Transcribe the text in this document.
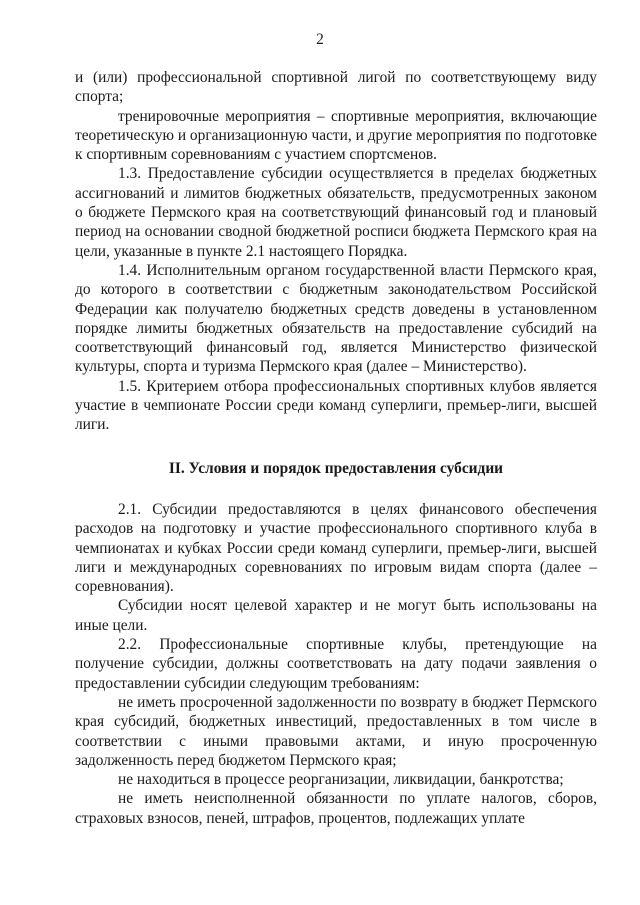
2

и (или) профессиональной спортивной лигой по соответствующему виду спорта;

тренировочные мероприятия – спортивные мероприятия, включающие теоретическую и организационную части, и другие мероприятия по подготовке к спортивным соревнованиям с участием спортсменов.

1.3. Предоставление субсидии осуществляется в пределах бюджетных ассигнований и лимитов бюджетных обязательств, предусмотренных законом о бюджете Пермского края на соответствующий финансовый год и плановый период на основании сводной бюджетной росписи бюджета Пермского края на цели, указанные в пункте 2.1 настоящего Порядка.

1.4. Исполнительным органом государственной власти Пермского края, до которого в соответствии с бюджетным законодательством Российской Федерации как получателю бюджетных средств доведены в установленном порядке лимиты бюджетных обязательств на предоставление субсидий на соответствующий финансовый год, является Министерство физической культуры, спорта и туризма Пермского края (далее – Министерство).

1.5. Критерием отбора профессиональных спортивных клубов является участие в чемпионате России среди команд суперлиги, премьер-лиги, высшей лиги.

II. Условия и порядок предоставления субсидии

2.1. Субсидии предоставляются в целях финансового обеспечения расходов на подготовку и участие профессионального спортивного клуба в чемпионатах и кубках России среди команд суперлиги, премьер-лиги, высшей лиги и международных соревнованиях по игровым видам спорта (далее – соревнования).

Субсидии носят целевой характер и не могут быть использованы на иные цели.

2.2. Профессиональные спортивные клубы, претендующие на получение субсидии, должны соответствовать на дату подачи заявления о предоставлении субсидии следующим требованиям:

не иметь просроченной задолженности по возврату в бюджет Пермского края субсидий, бюджетных инвестиций, предоставленных в том числе в соответствии с иными правовыми актами, и иную просроченную задолженность перед бюджетом Пермского края;

не находиться в процессе реорганизации, ликвидации, банкротства;

не иметь неисполненной обязанности по уплате налогов, сборов, страховых взносов, пеней, штрафов, процентов, подлежащих уплате
